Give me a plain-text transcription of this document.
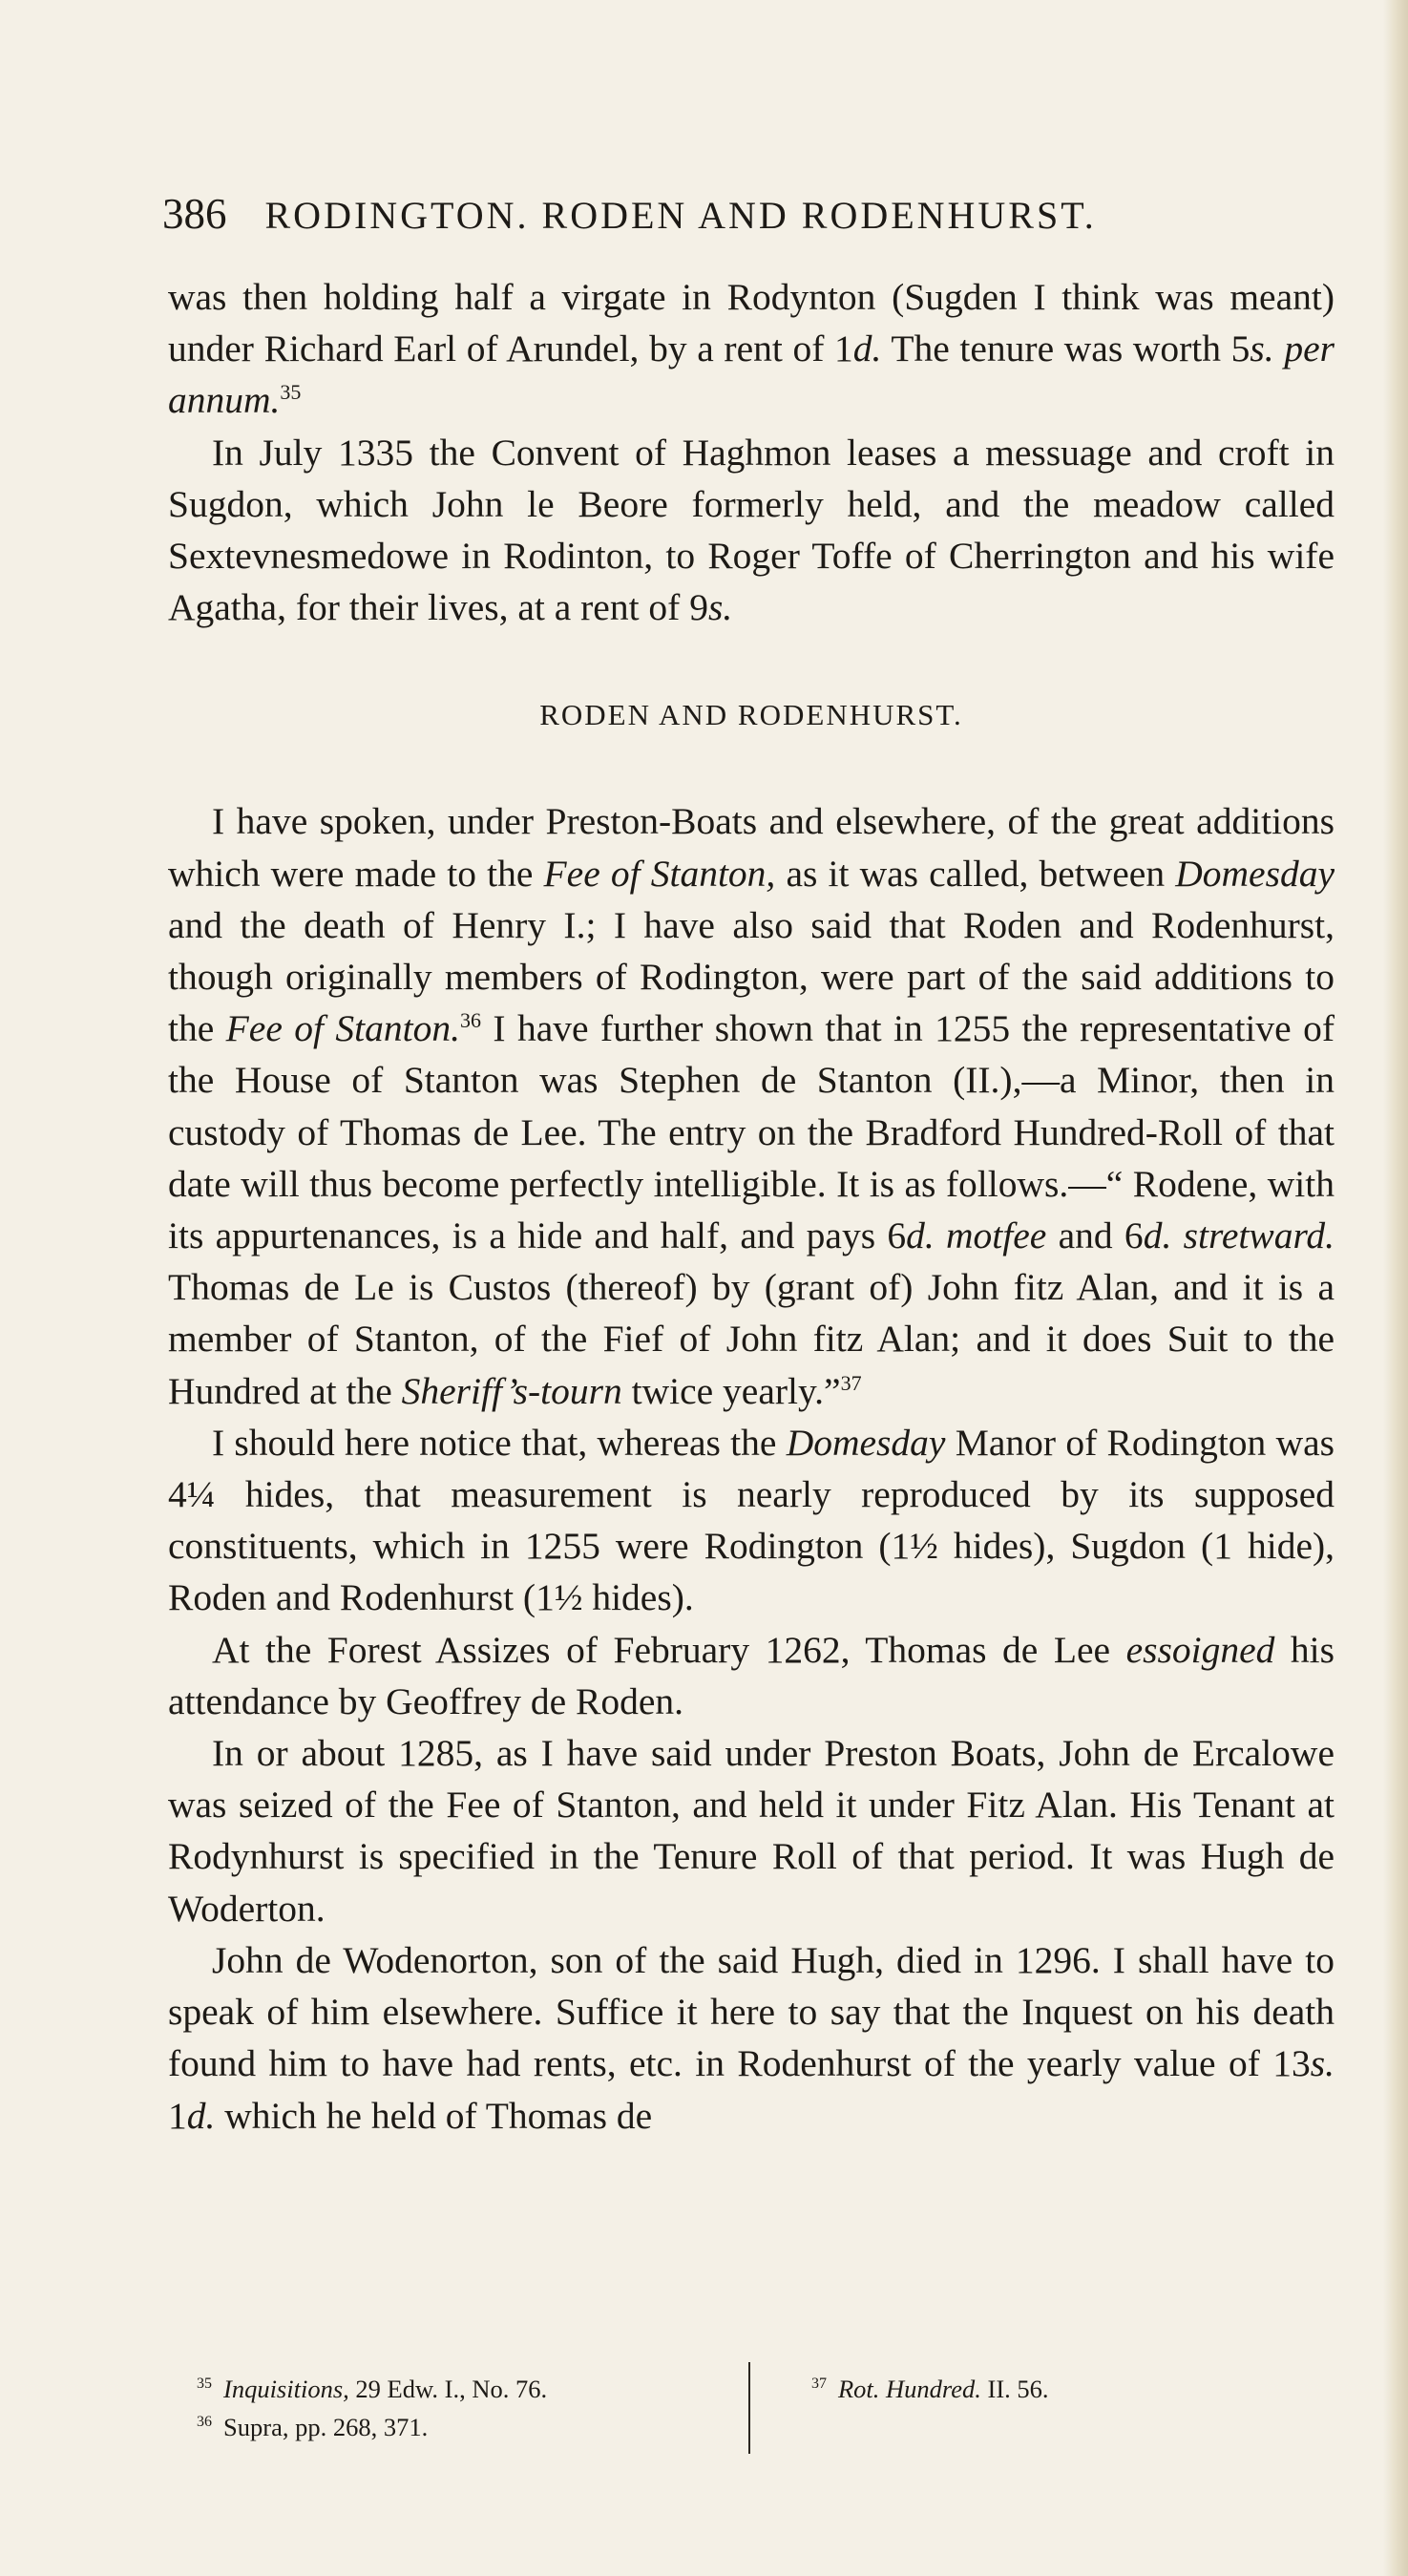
386 RODINGTON. RODEN AND RODENHURST.

was then holding half a virgate in Rodynton (Sugden I think was meant) under Richard Earl of Arundel, by a rent of 1d. The tenure was worth 5s. per annum.$^{35}$

In July 1335 the Convent of Haghmon leases a messuage and croft in Sugdon, which John le Beore formerly held, and the meadow called Sextevnesmedowe in Rodinton, to Roger Toffe of Cherrington and his wife Agatha, for their lives, at a rent of 9s.

RODEN AND RODENHURST.

I have spoken, under Preston-Boats and elsewhere, of the great additions which were made to the Fee of Stanton, as it was called, between Domesday and the death of Henry I.; I have also said that Roden and Rodenhurst, though originally members of Rodington, were part of the said additions to the Fee of Stanton.$^{36}$ I have further shown that in 1255 the representative of the House of Stanton was Stephen de Stanton (II.),—a Minor, then in custody of Thomas de Lee. The entry on the Bradford Hundred-Roll of that date will thus become perfectly intelligible. It is as follows.—“ Rodene, with its appurtenances, is a hide and half, and pays 6d. motfee and 6d. stretward. Thomas de Le is Custos (thereof) by (grant of) John fitz Alan, and it is a member of Stanton, of the Fief of John fitz Alan; and it does Suit to the Hundred at the Sheriff’s-tourn twice yearly.”$^{37}$

I should here notice that, whereas the Domesday Manor of Rodington was 4¼ hides, that measurement is nearly reproduced by its supposed constituents, which in 1255 were Rodington (1½ hides), Sugdon (1 hide), Roden and Rodenhurst (1½ hides).

At the Forest Assizes of February 1262, Thomas de Lee essoigned his attendance by Geoffrey de Roden.

In or about 1285, as I have said under Preston Boats, John de Ercalowe was seized of the Fee of Stanton, and held it under Fitz Alan. His Tenant at Rodynhurst is specified in the Tenure Roll of that period. It was Hugh de Woderton.

John de Wodenorton, son of the said Hugh, died in 1296. I shall have to speak of him elsewhere. Suffice it here to say that the Inquest on his death found him to have had rents, etc. in Rodenhurst of the yearly value of 13s. 1d. which he held of Thomas de

$^{35}$ Inquisitions, 29 Edw. I., No. 76.
$^{36}$ Supra, pp. 268, 371.
$^{37}$ Rot. Hundred. II. 56.
